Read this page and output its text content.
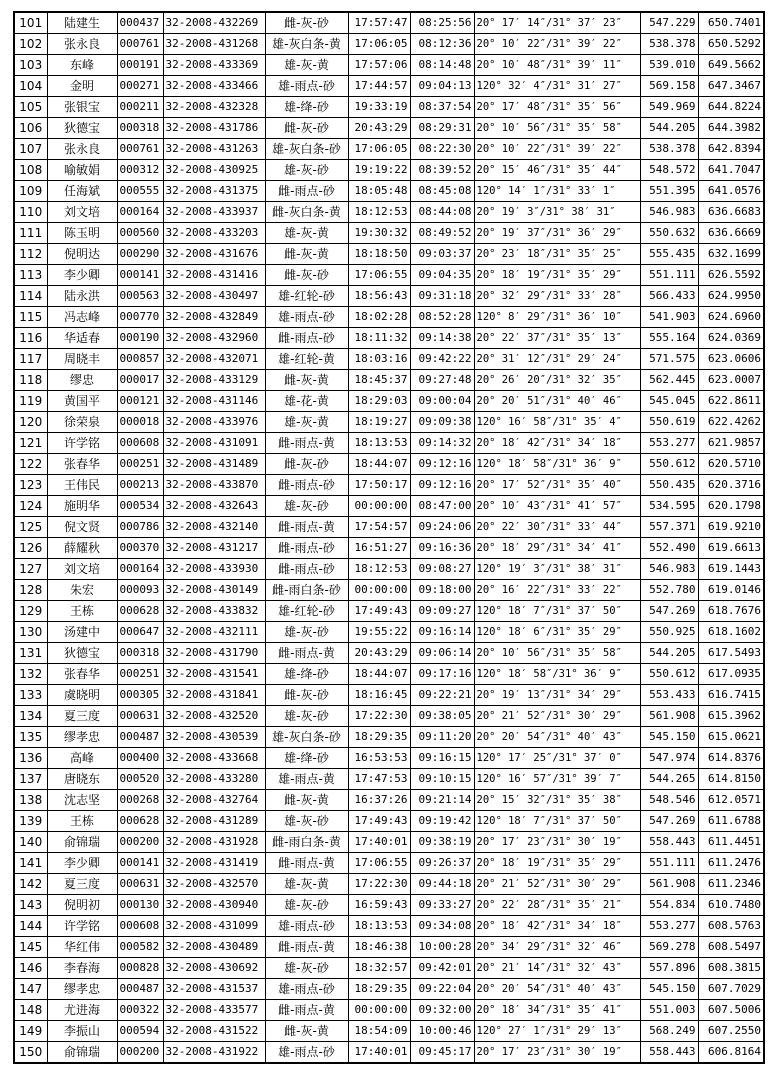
101	陆建生	000437	32-2008-432269	雌-灰-砂	17:57:47	08:25:56	20° 17′ 14″/31° 37′ 23″	547.229	650.7401
102	张永良	000761	32-2008-431268	雄-灰白条-黄	17:06:05	08:12:36	20° 10′ 22″/31° 39′ 22″	538.378	650.5292
103	东峰	000191	32-2008-433369	雄-灰-黄	17:57:06	08:14:48	20° 10′ 48″/31° 39′ 11″	539.010	649.5662
104	金明	000271	32-2008-433466	雄-雨点-砂	17:44:57	09:04:13	120° 32′ 4″/31° 31′ 27″	569.158	647.3467
105	张银宝	000211	32-2008-432328	雄-绛-砂	19:33:19	08:37:54	20° 17′ 48″/31° 35′ 56″	549.969	644.8224
106	狄德宝	000318	32-2008-431786	雌-灰-砂	20:43:29	08:29:31	20° 10′ 56″/31° 35′ 58″	544.205	644.3982
107	张永良	000761	32-2008-431263	雄-灰白条-砂	17:06:05	08:22:30	20° 10′ 22″/31° 39′ 22″	538.378	642.8394
108	喻敏娟	000312	32-2008-430925	雄-灰-砂	19:19:22	08:39:52	20° 15′ 46″/31° 35′ 44″	548.572	641.7047
109	任海斌	000555	32-2008-431375	雌-雨点-砂	18:05:48	08:45:08	120° 14′ 1″/31° 33′ 1″	551.395	641.0576
110	刘文培	000164	32-2008-433937	雌-灰白条-黄	18:12:53	08:44:08	20° 19′ 3″/31° 38′ 31″	546.983	636.6683
111	陈玉明	000560	32-2008-433203	雄-灰-黄	19:30:32	08:49:52	20° 19′ 37″/31° 36′ 29″	550.632	636.6669
112	倪明达	000290	32-2008-431676	雌-灰-黄	18:18:50	09:03:37	20° 23′ 18″/31° 35′ 25″	555.435	632.1699
113	李少卿	000141	32-2008-431416	雌-灰-砂	17:06:55	09:04:35	20° 18′ 19″/31° 35′ 29″	551.111	626.5592
114	陆永洪	000563	32-2008-430497	雄-红轮-砂	18:56:43	09:31:18	20° 32′ 29″/31° 33′ 28″	566.433	624.9950
115	冯志峰	000770	32-2008-432849	雄-雨点-砂	18:02:28	08:52:28	120° 8′ 29″/31° 36′ 10″	541.903	624.6960
116	华适春	000190	32-2008-432960	雌-雨点-砂	18:11:32	09:14:38	20° 22′ 37″/31° 35′ 13″	555.164	624.0369
117	周晓丰	000857	32-2008-432071	雄-红轮-黄	18:03:16	09:42:22	20° 31′ 12″/31° 29′ 24″	571.575	623.0606
118	缪忠	000017	32-2008-433129	雌-灰-黄	18:45:37	09:27:48	20° 26′ 20″/31° 32′ 35″	562.445	623.0007
119	黄国平	000121	32-2008-431146	雄-花-黄	18:29:03	09:00:04	20° 20′ 51″/31° 40′ 46″	545.045	622.8611
120	徐荣泉	000018	32-2008-433976	雄-灰-黄	18:19:27	09:09:38	120° 16′ 58″/31° 35′ 4″	550.619	622.4262
121	许学铭	000608	32-2008-431091	雌-雨点-黄	18:13:53	09:14:32	20° 18′ 42″/31° 34′ 18″	553.277	621.9857
122	张春华	000251	32-2008-431489	雌-灰-砂	18:44:07	09:12:16	120° 18′ 58″/31° 36′ 9″	550.612	620.5710
123	王伟民	000213	32-2008-433870	雌-雨点-砂	17:50:17	09:12:16	20° 17′ 52″/31° 35′ 40″	550.435	620.3716
124	施明华	000534	32-2008-432643	雄-灰-砂	00:00:00	08:47:00	20° 10′ 43″/31° 41′ 57″	534.595	620.1798
125	倪文贤	000786	32-2008-432140	雌-雨点-黄	17:54:57	09:24:06	20° 22′ 30″/31° 33′ 44″	557.371	619.9210
126	薛耀秋	000370	32-2008-431217	雌-雨点-砂	16:51:27	09:16:36	20° 18′ 29″/31° 34′ 41″	552.490	619.6613
127	刘文培	000164	32-2008-433930	雌-雨点-砂	18:12:53	09:08:27	120° 19′ 3″/31° 38′ 31″	546.983	619.1443
128	朱宏	000093	32-2008-430149	雌-雨白条-砂	00:00:00	09:18:00	20° 16′ 22″/31° 33′ 22″	552.780	619.0146
129	王栋	000628	32-2008-433832	雄-红轮-砂	17:49:43	09:09:27	120° 18′ 7″/31° 37′ 50″	547.269	618.7676
130	汤建中	000647	32-2008-432111	雄-灰-砂	19:55:22	09:16:14	120° 18′ 6″/31° 35′ 29″	550.925	618.1602
131	狄德宝	000318	32-2008-431790	雌-雨点-黄	20:43:29	09:06:14	20° 10′ 56″/31° 35′ 58″	544.205	617.5493
132	张春华	000251	32-2008-431541	雄-绛-砂	18:44:07	09:17:16	120° 18′ 58″/31° 36′ 9″	550.612	617.0935
133	虞晓明	000305	32-2008-431841	雌-灰-砂	18:16:45	09:22:21	20° 19′ 13″/31° 34′ 29″	553.433	616.7415
134	夏三度	000631	32-2008-432520	雄-灰-砂	17:22:30	09:38:05	20° 21′ 52″/31° 30′ 29″	561.908	615.3962
135	缪孝忠	000487	32-2008-430539	雄-灰白条-砂	18:29:35	09:11:20	20° 20′ 54″/31° 40′ 43″	545.150	615.0621
136	高峰	000400	32-2008-433668	雄-绛-砂	16:53:53	09:16:15	120° 17′ 25″/31° 37′ 0″	547.974	614.8376
137	唐晓东	000520	32-2008-433280	雄-雨点-黄	17:47:53	09:10:15	120° 16′ 57″/31° 39′ 7″	544.265	614.8150
138	沈志坚	000268	32-2008-432764	雌-灰-黄	16:37:26	09:21:14	20° 15′ 32″/31° 35′ 38″	548.546	612.0571
139	王栋	000628	32-2008-431289	雄-灰-砂	17:49:43	09:19:42	120° 18′ 7″/31° 37′ 50″	547.269	611.6788
140	俞锦瑞	000200	32-2008-431928	雌-雨白条-黄	17:40:01	09:38:19	20° 17′ 23″/31° 30′ 19″	558.443	611.4451
141	李少卿	000141	32-2008-431419	雌-雨点-黄	17:06:55	09:26:37	20° 18′ 19″/31° 35′ 29″	551.111	611.2476
142	夏三度	000631	32-2008-432570	雄-灰-黄	17:22:30	09:44:18	20° 21′ 52″/31° 30′ 29″	561.908	611.2346
143	倪明初	000130	32-2008-430940	雄-灰-砂	16:59:43	09:33:27	20° 22′ 28″/31° 35′ 21″	554.834	610.7480
144	许学铭	000608	32-2008-431099	雄-雨点-砂	18:13:53	09:34:08	20° 18′ 42″/31° 34′ 18″	553.277	608.5763
145	华红伟	000582	32-2008-430489	雌-雨点-黄	18:46:38	10:00:28	20° 34′ 29″/31° 32′ 46″	569.278	608.5497
146	李春海	000828	32-2008-430692	雄-灰-砂	18:32:57	09:42:01	20° 21′ 14″/31° 32′ 43″	557.896	608.3815
147	缪孝忠	000487	32-2008-431537	雄-雨点-砂	18:29:35	09:22:04	20° 20′ 54″/31° 40′ 43″	545.150	607.7029
148	尤进海	000322	32-2008-433577	雌-雨点-黄	00:00:00	09:32:00	20° 18′ 34″/31° 35′ 41″	551.003	607.5006
149	李振山	000594	32-2008-431522	雌-灰-黄	18:54:09	10:00:46	120° 27′ 1″/31° 29′ 13″	568.249	607.2550
150	俞锦瑞	000200	32-2008-431922	雄-雨点-砂	17:40:01	09:45:17	20° 17′ 23″/31° 30′ 19″	558.443	606.8164
